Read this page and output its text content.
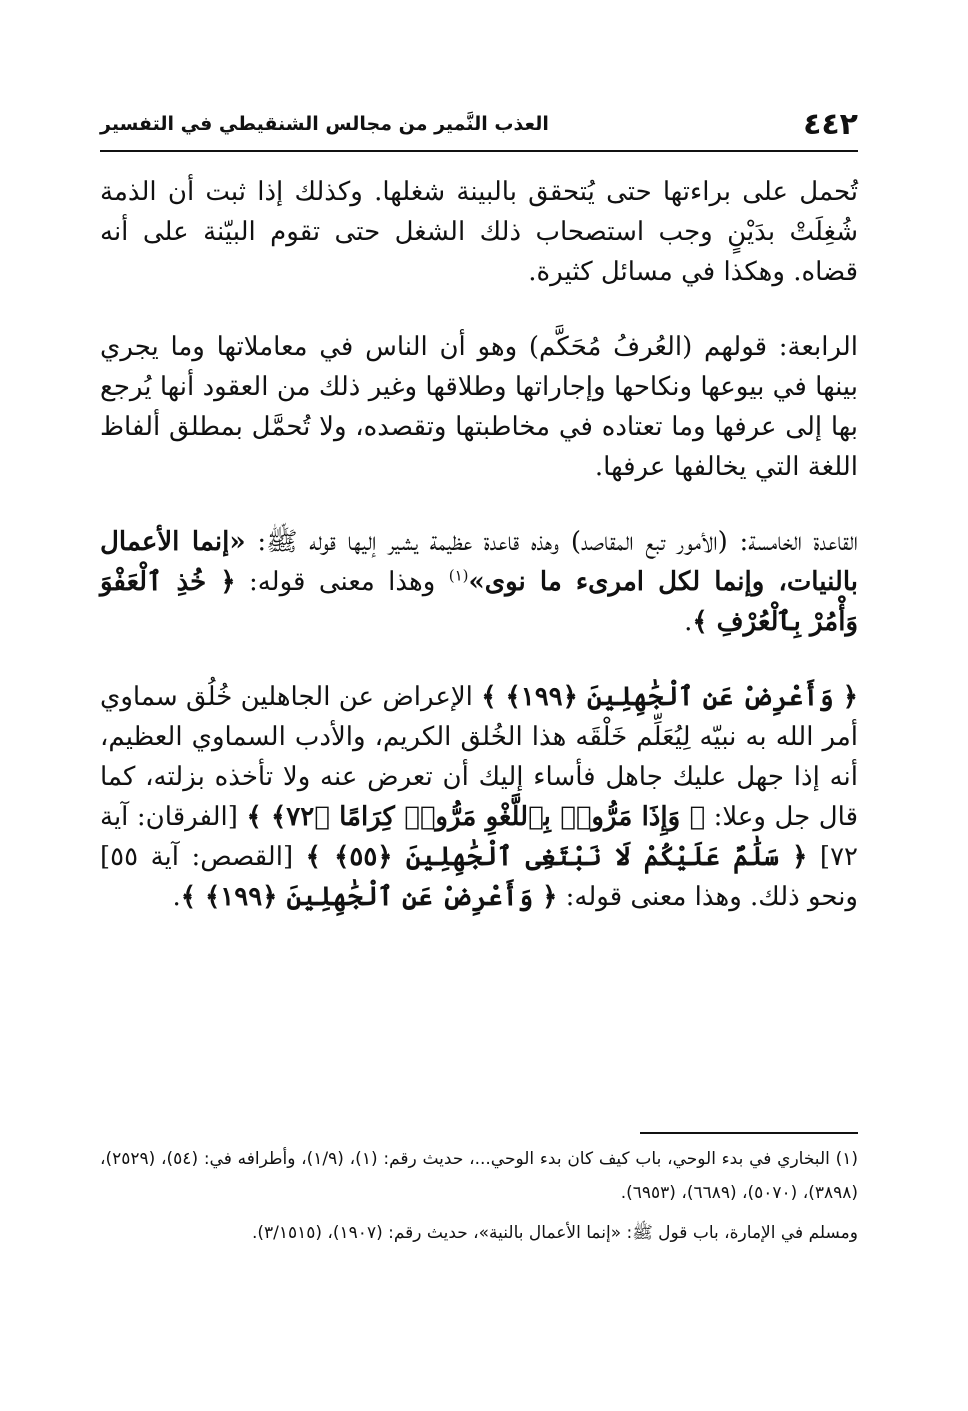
٤٤٢
العذب النَّمير من مجالس الشنقيطي في التفسير

تُحمل على براءتها حتى يُتحقق بالبينة شغلها. وكذلك إذا ثبت أن الذمة شُغِلَتْ بدَيْنٍ وجب استصحاب ذلك الشغل حتى تقوم البيّنة على أنه قضاه. وهكذا في مسائل كثيرة.

الرابعة: قولهم (العُرفُ مُحَكَّم) وهو أن الناس في معاملاتها وما يجري بينها في بيوعها ونكاحها وإجاراتها وطلاقها وغير ذلك من العقود أنها يُرجع بها إلى عرفها وما تعتاده في مخاطبتها وتقصده، ولا تُحمَّل بمطلق ألفاظ اللغة التي يخالفها عرفها.

القاعدة الخامسة: (الأمور تبع المقاصد) وهذه قاعدة عظيمة يشير إليها قوله ﷺ: «إنما الأعمال بالنيات، وإنما لكل امرىء ما نوى»$^{(١)}$ وهذا معنى قوله: ﴿ خُذِ ٱلْعَفْوَ وَأْمُرْ بِٱلْعُرْفِ ﴾.

﴿ وَأَعْرِضْ عَنِ ٱلْجَٰهِلِينَ ﴿١٩٩﴾ ﴾ الإعراض عن الجاهلين خُلُق سماوي أمر الله به نبيّه لِيُعَلِّم خَلْقَه هذا الخُلق الكريم، والأدب السماوي العظيم، أنه إذا جهل عليك جاهل فأساء إليك أن تعرض عنه ولا تأخذه بزلته، كما قال جل وعلا: ﴿ وَإِذَا مَرُّوا۟ بِٱللَّغْوِ مَرُّوا۟ كِرَامًا ﴿٧٢﴾ ﴾ [الفرقان: آية ٧٢] ﴿ سَلَٰمٌ عَلَيْكُمْ لَا نَبْتَغِى ٱلْجَٰهِلِينَ ﴿٥٥﴾ ﴾ [القصص: آية ٥٥] ونحو ذلك. وهذا معنى قوله: ﴿ وَأَعْرِضْ عَنِ ٱلْجَٰهِلِينَ ﴿١٩٩﴾ ﴾.

(١) البخاري في بدء الوحي، باب كيف كان بدء الوحي...، حديث رقم: (١)، (١/٩)، وأطرافه في: (٥٤)، (٢٥٢٩)، (٣٨٩٨)، (٥٠٧٠)، (٦٦٨٩)، (٦٩٥٣).

ومسلم في الإمارة، باب قول ﷺ: «إنما الأعمال بالنية»، حديث رقم: (١٩٠٧)، (٣/١٥١٥).
